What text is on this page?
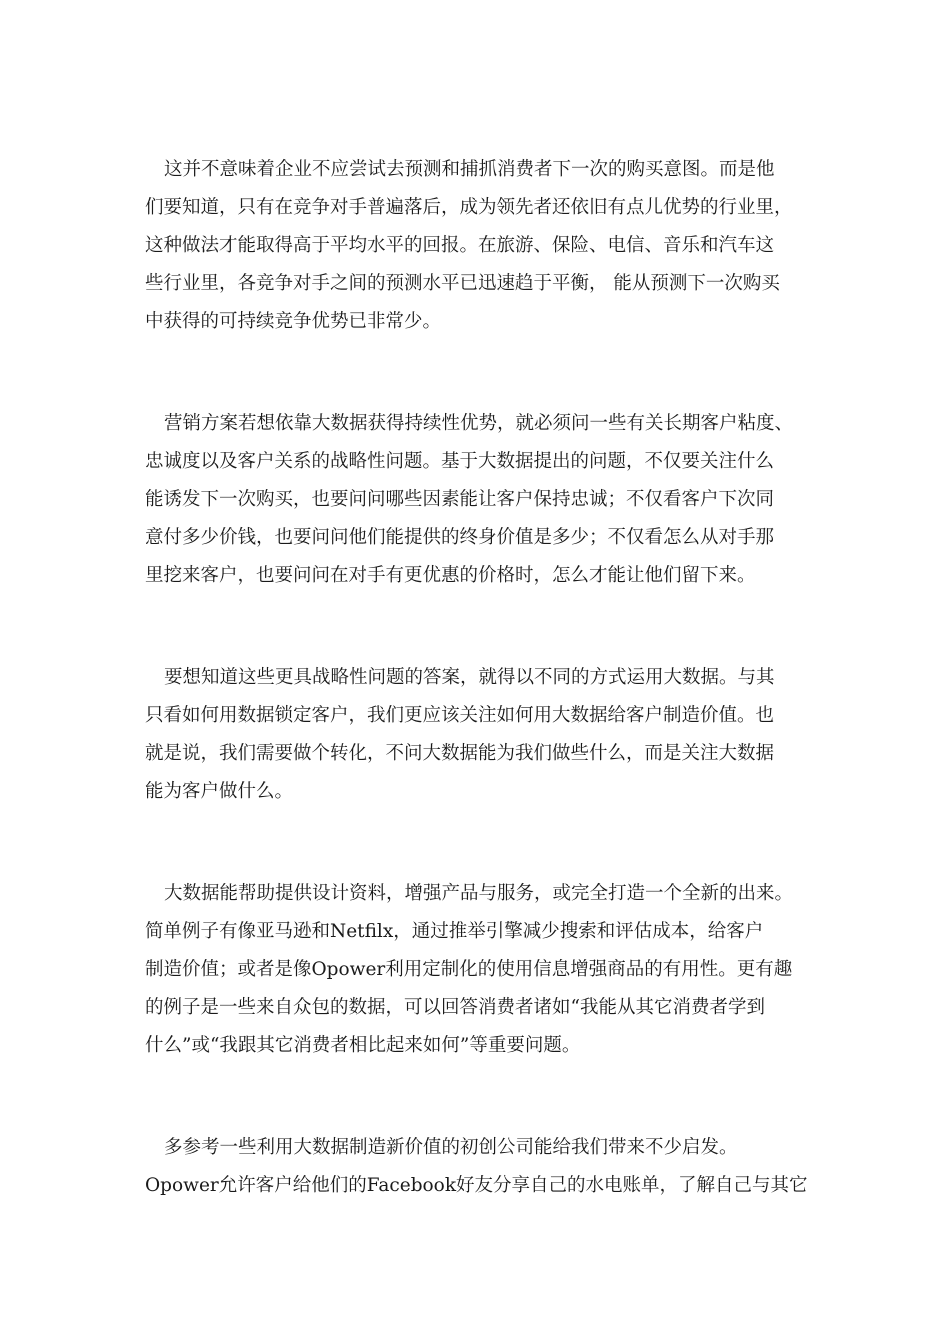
这并不意味着企业不应尝试去预测和捕抓消费者下一次的购买意图。而是他
们要知道，只有在竞争对手普遍落后，成为领先者还依旧有点儿优势的行业里，
这种做法才能取得高于平均水平的回报。在旅游、保险、电信、音乐和汽车这
些行业里，各竞争对手之间的预测水平已迅速趋于平衡， 能从预测下一次购买
中获得的可持续竞争优势已非常少。
营销方案若想依靠大数据获得持续性优势，就必须问一些有关长期客户粘度、
忠诚度以及客户关系的战略性问题。基于大数据提出的问题，不仅要关注什么
能诱发下一次购买，也要问问哪些因素能让客户保持忠诚；不仅看客户下次同
意付多少价钱，也要问问他们能提供的终身价值是多少；不仅看怎么从对手那
里挖来客户，也要问问在对手有更优惠的价格时，怎么才能让他们留下来。
要想知道这些更具战略性问题的答案，就得以不同的方式运用大数据。与其
只看如何用数据锁定客户，我们更应该关注如何用大数据给客户制造价值。也
就是说，我们需要做个转化，不问大数据能为我们做些什么，而是关注大数据
能为客户做什么。
大数据能帮助提供设计资料，增强产品与服务，或完全打造一个全新的出来。
简单例子有像亚马逊和Netfilx，通过推举引擎减少搜索和评估成本，给客户
制造价值；或者是像Opower利用定制化的使用信息增强商品的有用性。更有趣
的例子是一些来自众包的数据，可以回答消费者诸如“我能从其它消费者学到
什么”或“我跟其它消费者相比起来如何”等重要问题。
多参考一些利用大数据制造新价值的初创公司能给我们带来不少启发。
Opower允许客户给他们的Facebook好友分享自己的水电账单，了解自己与其它
